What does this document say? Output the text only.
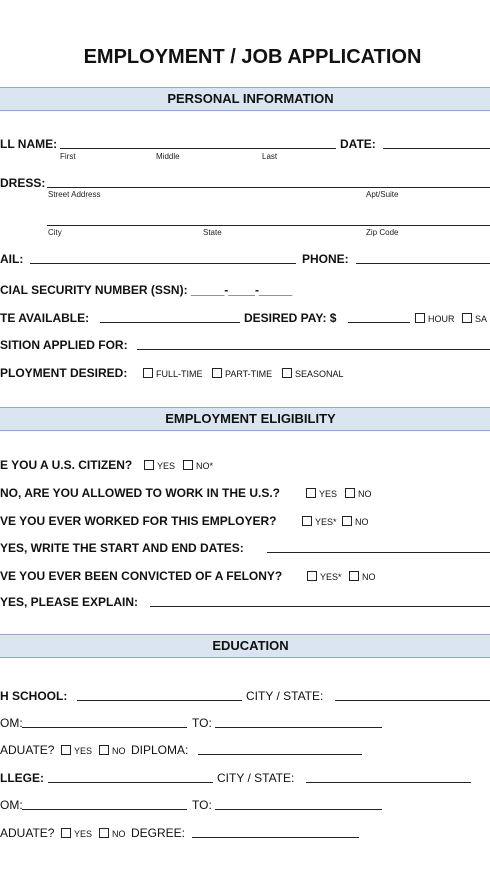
EMPLOYMENT / JOB APPLICATION
PERSONAL INFORMATION
LL NAME:	DATE:
First	Middle	Last
DRESS:
Street Address	Apt/Suite
City	State	Zip Code
AIL:	PHONE:
CIAL SECURITY NUMBER (SSN): _____-____-_____
TE AVAILABLE:	DESIRED PAY: $	HOUR	SA
SITION APPLIED FOR:
PLOYMENT DESIRED:	FULL-TIME	PART-TIME	SEASONAL
EMPLOYMENT ELIGIBILITY
E YOU A U.S. CITIZEN?	YES	NO*
NO, ARE YOU ALLOWED TO WORK IN THE U.S.?	YES	NO
VE YOU EVER WORKED FOR THIS EMPLOYER?	YES*	NO
YES, WRITE THE START AND END DATES:
VE YOU EVER BEEN CONVICTED OF A FELONY?	YES*	NO
YES, PLEASE EXPLAIN:
EDUCATION
H SCHOOL:	CITY / STATE:
OM:	TO:
ADUATE?	YES	NO DIPLOMA:
LLEGE:	CITY / STATE:
OM:	TO:
ADUATE?	YES	NO DEGREE:
